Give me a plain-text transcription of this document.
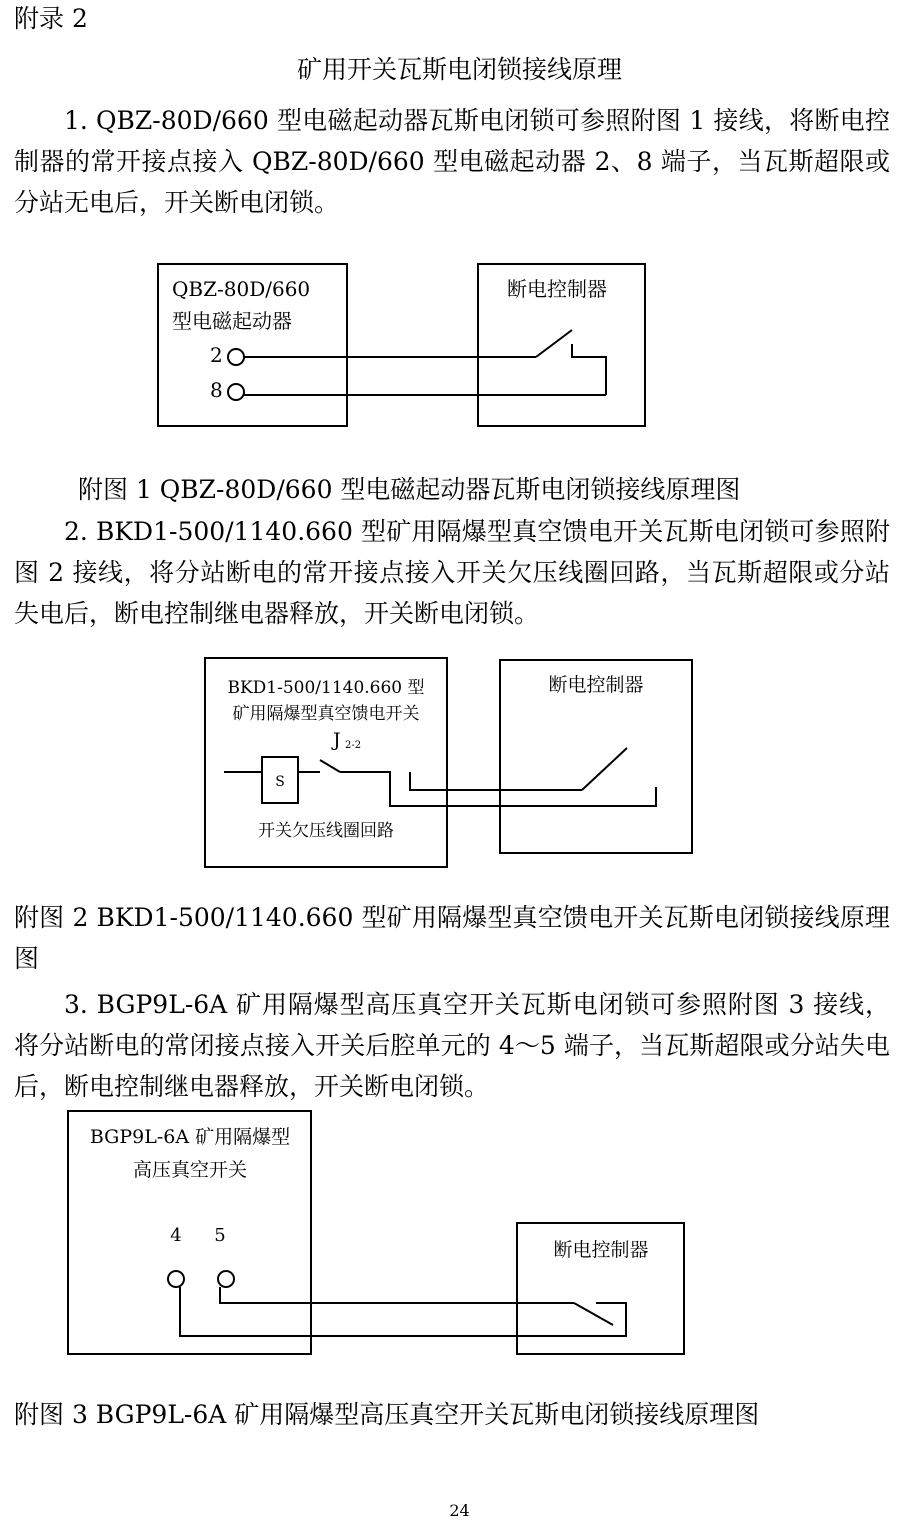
附录 2
矿用开关瓦斯电闭锁接线原理
1. QBZ-80D/660 型电磁起动器瓦斯电闭锁可参照附图 1 接线，将断电控制器的常开接点接入 QBZ-80D/660 型电磁起动器 2、8 端子，当瓦斯超限或分站无电后，开关断电闭锁。
QBZ-80D/660
型电磁起动器
2
8
断电控制器
BKD1-500/1140.660 型
矿用隔爆型真空馈电开关
J 2-2
S
开关欠压线圈回路
断电控制器
BGP9L-6A 矿用隔爆型
高压真空开关
4 5
断电控制器
附图 1 QBZ-80D/660 型电磁起动器瓦斯电闭锁接线原理图
2. BKD1-500/1140.660 型矿用隔爆型真空馈电开关瓦斯电闭锁可参照附图 2 接线，将分站断电的常开接点接入开关欠压线圈回路，当瓦斯超限或分站失电后，断电控制继电器释放，开关断电闭锁。
附图 2 BKD1-500/1140.660 型矿用隔爆型真空馈电开关瓦斯电闭锁接线原理图
3. BGP9L-6A 矿用隔爆型高压真空开关瓦斯电闭锁可参照附图 3 接线，将分站断电的常闭接点接入开关后腔单元的 4～5 端子，当瓦斯超限或分站失电后，断电控制继电器释放，开关断电闭锁。
附图 3 BGP9L-6A 矿用隔爆型高压真空开关瓦斯电闭锁接线原理图
24
